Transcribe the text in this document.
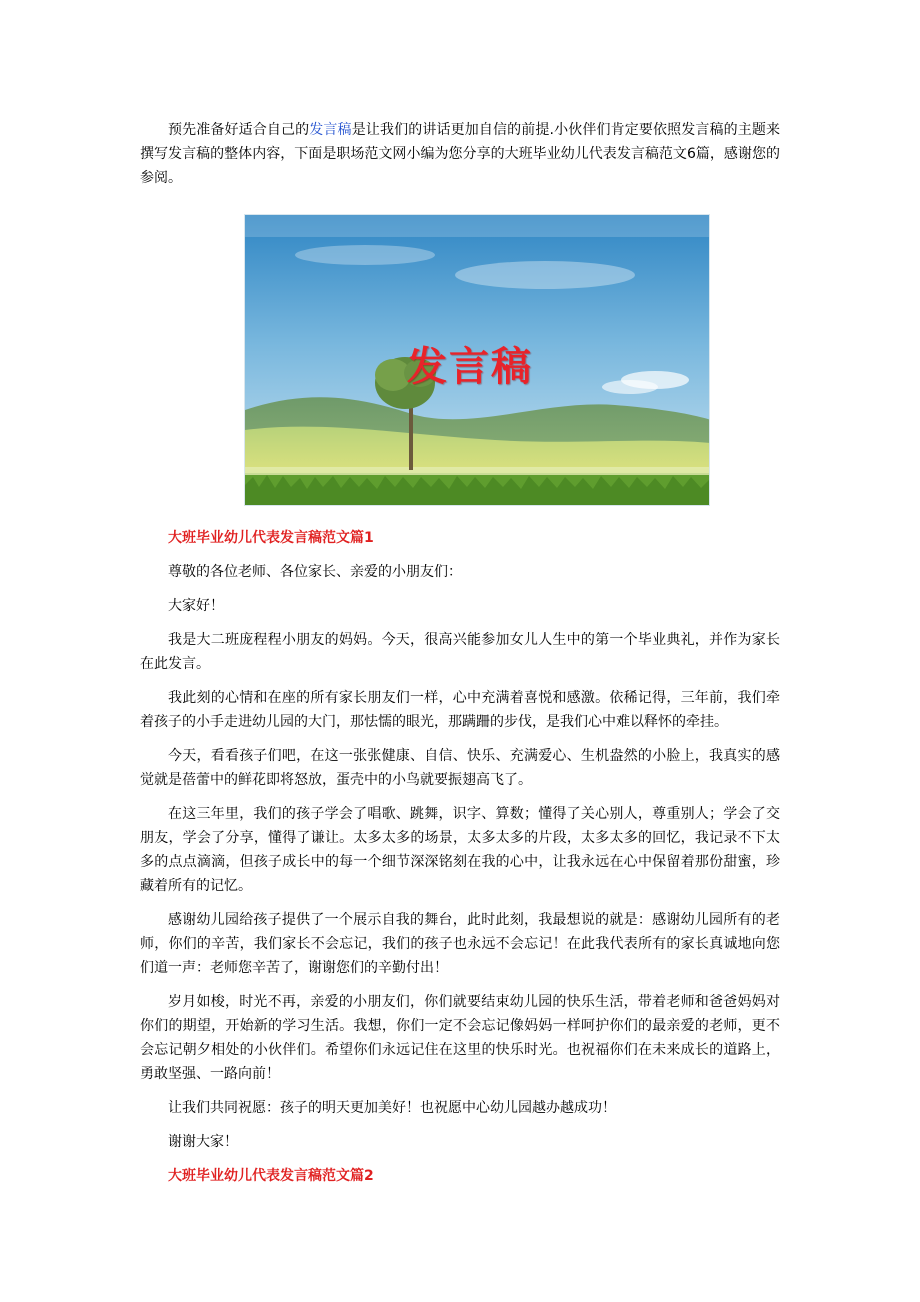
预先准备好适合自己的发言稿是让我们的讲话更加自信的前提.小伙伴们肯定要依照发言稿的主题来撰写发言稿的整体内容，下面是职场范文网小编为您分享的大班毕业幼儿代表发言稿范文6篇，感谢您的参阅。

发言稿
大班毕业幼儿代表发言稿范文篇1

尊敬的各位老师、各位家长、亲爱的小朋友们：

大家好！

我是大二班庞程程小朋友的妈妈。今天，很高兴能参加女儿人生中的第一个毕业典礼，并作为家长在此发言。

我此刻的心情和在座的所有家长朋友们一样，心中充满着喜悦和感激。依稀记得，三年前，我们牵着孩子的小手走进幼儿园的大门，那怯懦的眼光，那蹒跚的步伐，是我们心中难以释怀的牵挂。

今天，看看孩子们吧，在这一张张健康、自信、快乐、充满爱心、生机盎然的小脸上，我真实的感觉就是蓓蕾中的鲜花即将怒放，蛋壳中的小鸟就要振翅高飞了。

在这三年里，我们的孩子学会了唱歌、跳舞，识字、算数；懂得了关心别人，尊重别人；学会了交朋友，学会了分享，懂得了谦让。太多太多的场景，太多太多的片段，太多太多的回忆，我记录不下太多的点点滴滴，但孩子成长中的每一个细节深深铭刻在我的心中，让我永远在心中保留着那份甜蜜，珍藏着所有的记忆。

感谢幼儿园给孩子提供了一个展示自我的舞台，此时此刻，我最想说的就是：感谢幼儿园所有的老师，你们的辛苦，我们家长不会忘记，我们的孩子也永远不会忘记！在此我代表所有的家长真诚地向您们道一声：老师您辛苦了，谢谢您们的辛勤付出！

岁月如梭，时光不再，亲爱的小朋友们，你们就要结束幼儿园的快乐生活，带着老师和爸爸妈妈对你们的期望，开始新的学习生活。我想，你们一定不会忘记像妈妈一样呵护你们的最亲爱的老师，更不会忘记朝夕相处的小伙伴们。希望你们永远记住在这里的快乐时光。也祝福你们在未来成长的道路上，勇敢坚强、一路向前！

让我们共同祝愿：孩子的明天更加美好！也祝愿中心幼儿园越办越成功！

谢谢大家！

大班毕业幼儿代表发言稿范文篇2
